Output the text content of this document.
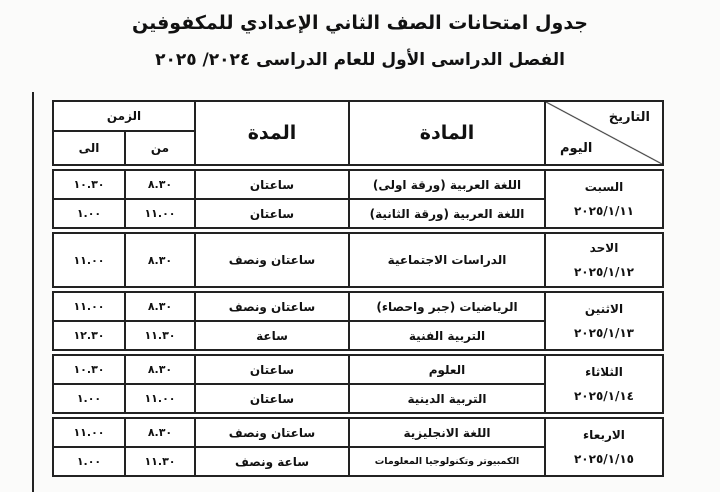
جدول امتحانات الصف الثاني الإعدادي للمكفوفين
الفصل الدراسى الأول للعام الدراسى ٢٠٢٤/ ٢٠٢٥
التاريخ
اليوم	المادة	المدة	الزمن	
			من	الى

السبت
٢٠٢٥/١/١١	اللغة العربية (ورقة اولى)	ساعتان	٨.٣٠	١٠.٣٠
	اللغة العربية (ورقة الثانية)	ساعتان	١١.٠٠	١.٠٠

الاحد
٢٠٢٥/١/١٢	الدراسات الاجتماعية	ساعتان ونصف	٨.٣٠	١١.٠٠

الاثنين
٢٠٢٥/١/١٣	الرياضيات (جبر واحصاء)	ساعتان ونصف	٨.٣٠	١١.٠٠
	التربية الفنية	ساعة	١١.٣٠	١٢.٣٠

الثلاثاء
٢٠٢٥/١/١٤	العلوم	ساعتان	٨.٣٠	١٠.٣٠
	التربية الدينية	ساعتان	١١.٠٠	١.٠٠

الاربعاء
٢٠٢٥/١/١٥	اللغة الانجليزية	ساعتان ونصف	٨.٣٠	١١.٠٠
	الكمبيوتر وتكنولوجيا المعلومات	ساعة ونصف	١١.٣٠	١.٠٠
